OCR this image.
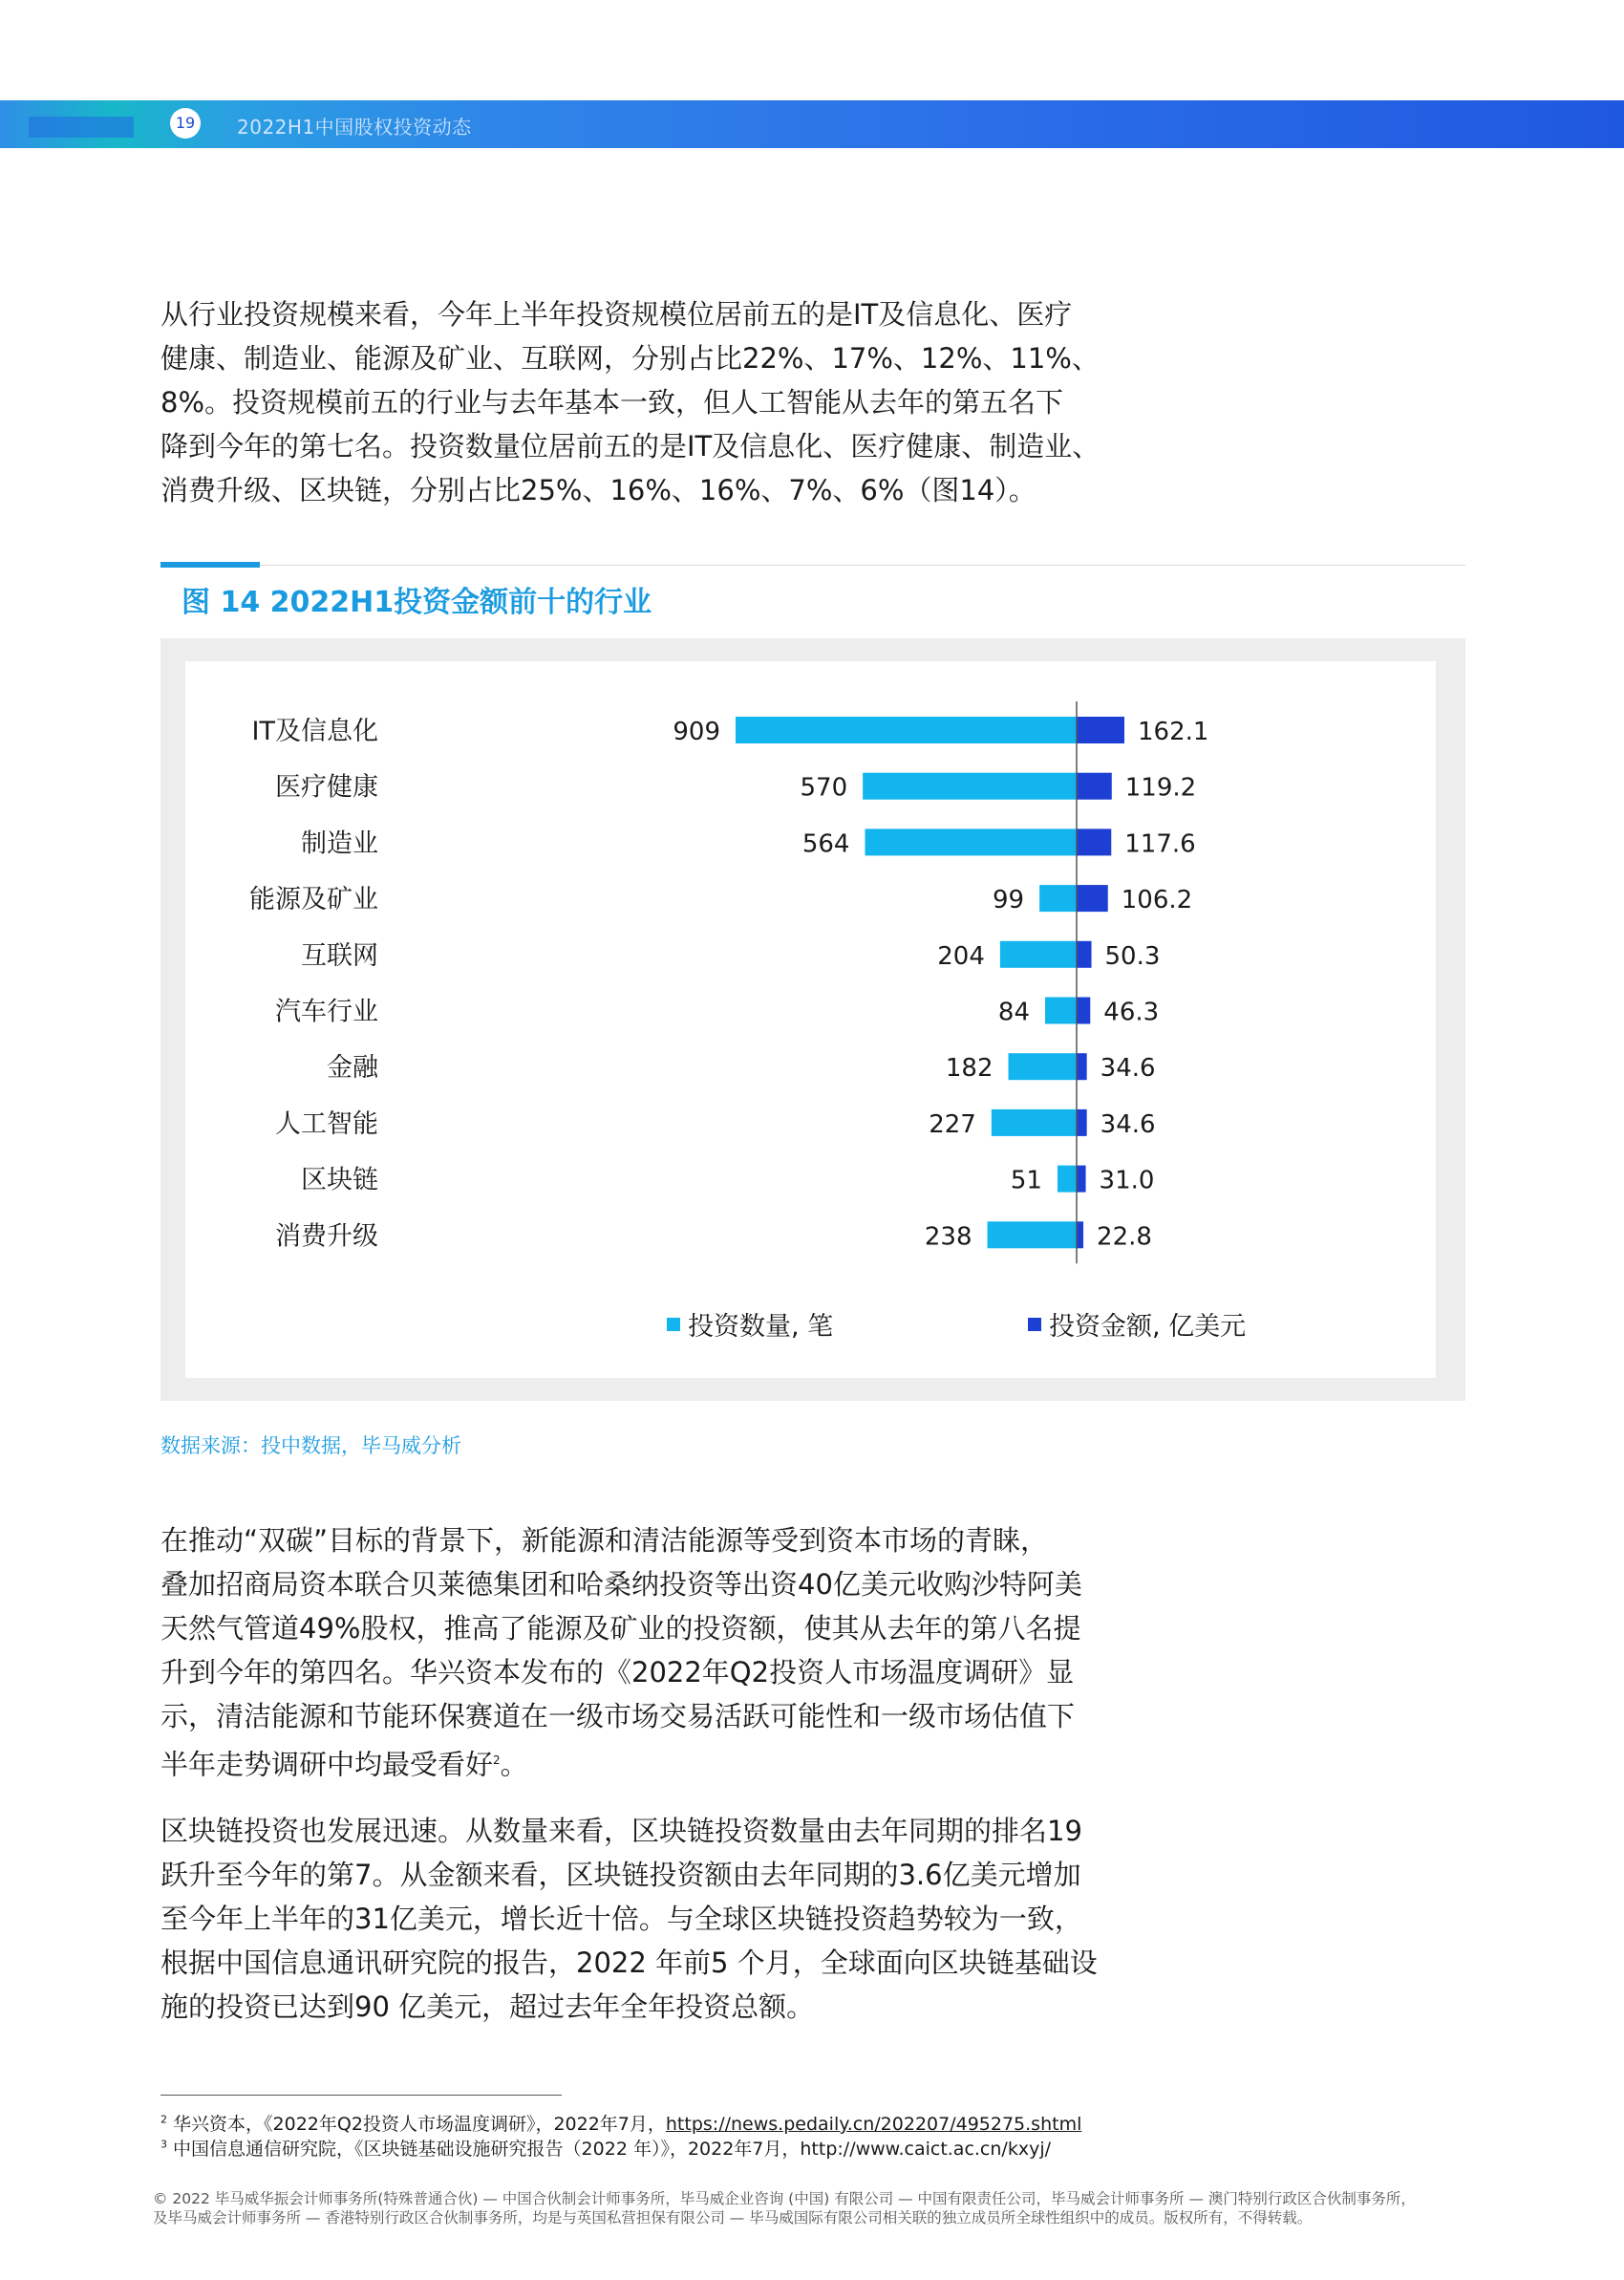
19 2022H1中国股权投资动态

从行业投资规模来看，今年上半年投资规模位居前五的是IT及信息化、医疗
健康、制造业、能源及矿业、互联网，分别占比22%、17%、12%、11%、
8%。投资规模前五的行业与去年基本一致，但人工智能从去年的第五名下
降到今年的第七名。投资数量位居前五的是IT及信息化、医疗健康、制造业、
消费升级、区块链，分别占比25%、16%、16%、7%、6%（图14）。

图 14 2022H1投资金额前十的行业
IT及信息化	909	162.1
医疗健康	570	119.2
制造业	564	117.6
能源及矿业	99	106.2
互联网	204	50.3
汽车行业	84	46.3
金融	182	34.6
人工智能	227	34.6
区块链	51 31.0
消费升级	238	22.8
投资数量, 笔	投资金额, 亿美元
数据来源：投中数据，毕马威分析

在推动“双碳”目标的背景下，新能源和清洁能源等受到资本市场的青睐，
叠加招商局资本联合贝莱德集团和哈桑纳投资等出资40亿美元收购沙特阿美
天然气管道49%股权，推高了能源及矿业的投资额，使其从去年的第八名提
升到今年的第四名。华兴资本发布的《2022年Q2投资人市场温度调研》显
示，清洁能源和节能环保赛道在一级市场交易活跃可能性和一级市场估值下
半年走势调研中均最受看好$^2$。

区块链投资也发展迅速。从数量来看，区块链投资数量由去年同期的排名19
跃升至今年的第7。从金额来看，区块链投资额由去年同期的3.6亿美元增加
至今年上半年的31亿美元，增长近十倍。与全球区块链投资趋势较为一致，
根据中国信息通讯研究院的报告，2022 年前5 个月，全球面向区块链基础设
施的投资已达到90 亿美元，超过去年全年投资总额。

$^2$ 华兴资本，《2022年Q2投资人市场温度调研》，2022年7月，https://news.pedaily.cn/202207/495275.shtml
$^3$ 中国信息通信研究院，《区块链基础设施研究报告（2022 年）》，2022年7月，http://www.caict.ac.cn/kxyj/
© 2022 毕马威华振会计师事务所(特殊普通合伙) — 中国合伙制会计师事务所，毕马威企业咨询 (中国) 有限公司 — 中国有限责任公司，毕马威会计师事务所 — 澳门特别行政区合伙制事务所，
及毕马威会计师事务所 — 香港特别行政区合伙制事务所，均是与英国私营担保有限公司 — 毕马威国际有限公司相关联的独立成员所全球性组织中的成员。版权所有，不得转载。
